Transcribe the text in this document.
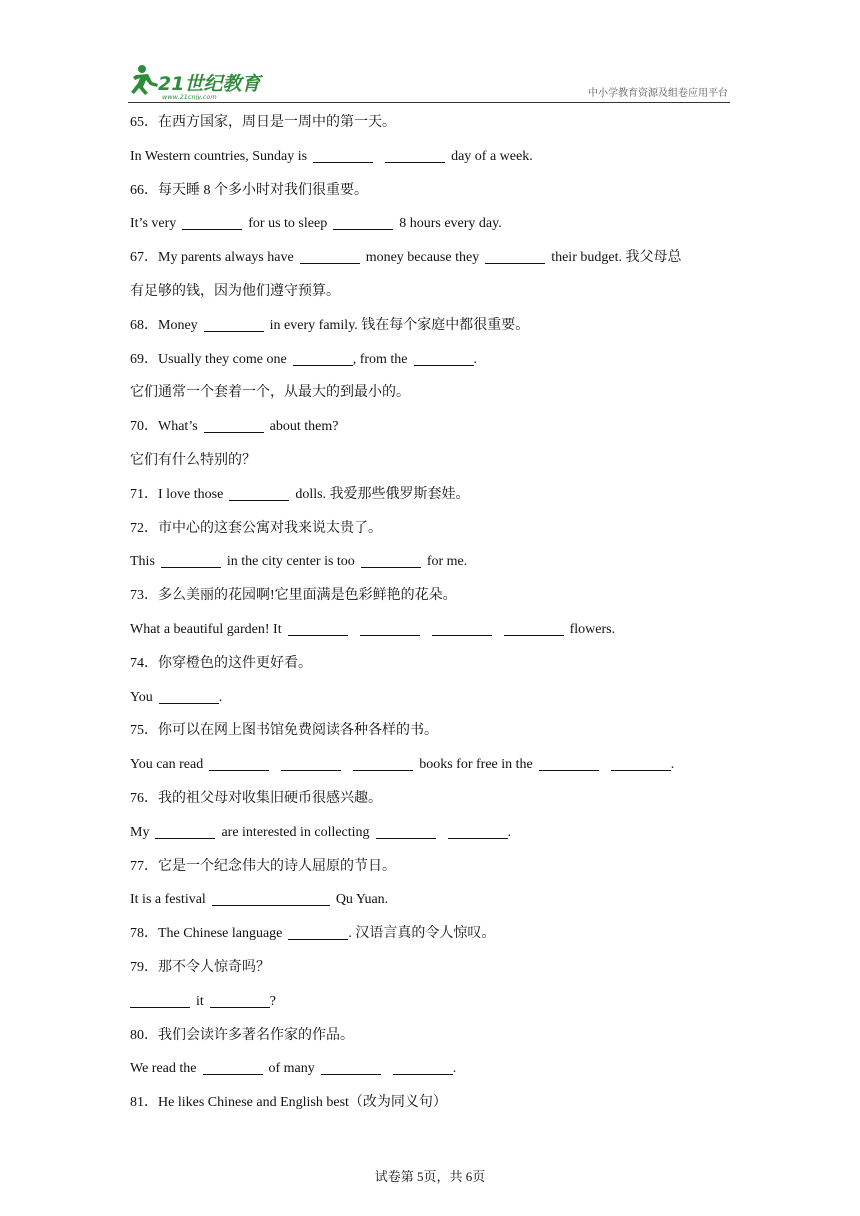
21世纪教育
www.21cnjy.com	中小学教育资源及组卷应用平台
65．在西方国家，周日是一周中的第一天。
In Western countries, Sunday is	day of a week.
66．每天睡 8 个多小时对我们很重要。
It’s very	for us to sleep	8 hours every day.
67．My parents always have	money because they	their budget. 我父母总
有足够的钱，因为他们遵守预算。
68．Money	in every family. 钱在每个家庭中都很重要。
69．Usually they come one	, from the	.
它们通常一个套着一个，从最大的到最小的。
70．What’s	about them?
它们有什么特别的？
71．I love those	dolls. 我爱那些俄罗斯套娃。
72．市中心的这套公寓对我来说太贵了。
This	in the city center is too	for me.
73．多么美丽的花园啊!它里面满是色彩鲜艳的花朵。
What a beautiful garden! It	flowers.
74．你穿橙色的这件更好看。
You	.
75．你可以在网上图书馆免费阅读各种各样的书。
You can read	books for free in the	.
76．我的祖父母对收集旧硬币很感兴趣。
My	are interested in collecting	.
77．它是一个纪念伟大的诗人屈原的节日。
It is a festival	Qu Yuan.
78．The Chinese language	. 汉语言真的令人惊叹。
79．那不令人惊奇吗？
it	?
80．我们会读许多著名作家的作品。
We read the	of many	.
81．He likes Chinese and English best（改为同义句）
试卷第 5页，共 6页
